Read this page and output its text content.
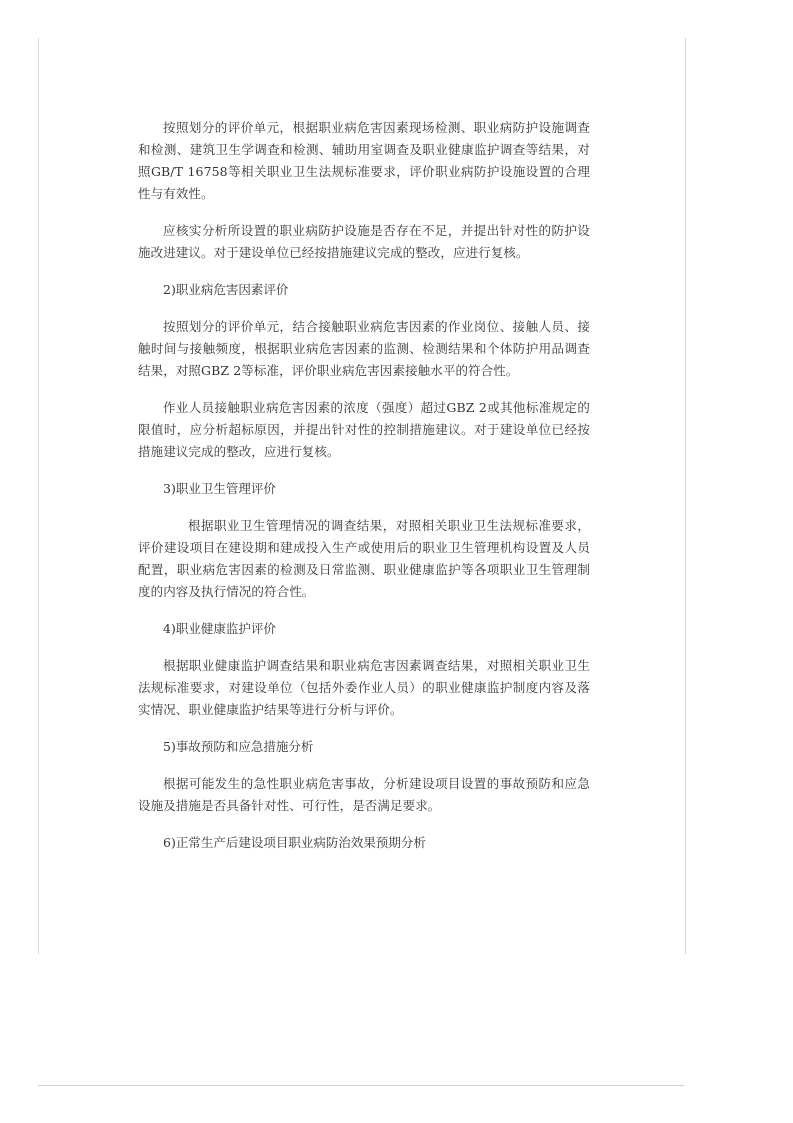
按照划分的评价单元，根据职业病危害因素现场检测、职业病防护设施调查和检测、建筑卫生学调查和检测、辅助用室调查及职业健康监护调查等结果，对照GB/T 16758等相关职业卫生法规标准要求，评价职业病防护设施设置的合理性与有效性。

应核实分析所设置的职业病防护设施是否存在不足，并提出针对性的防护设施改进建议。对于建设单位已经按措施建议完成的整改，应进行复核。

2)职业病危害因素评价

按照划分的评价单元，结合接触职业病危害因素的作业岗位、接触人员、接触时间与接触频度，根据职业病危害因素的监测、检测结果和个体防护用品调查结果，对照GBZ 2等标准，评价职业病危害因素接触水平的符合性。

作业人员接触职业病危害因素的浓度（强度）超过GBZ 2或其他标准规定的限值时，应分析超标原因，并提出针对性的控制措施建议。对于建设单位已经按措施建议完成的整改，应进行复核。

3)职业卫生管理评价

根据职业卫生管理情况的调查结果，对照相关职业卫生法规标准要求，评价建设项目在建设期和建成投入生产或使用后的职业卫生管理机构设置及人员配置，职业病危害因素的检测及日常监测、职业健康监护等各项职业卫生管理制度的内容及执行情况的符合性。

4)职业健康监护评价

根据职业健康监护调查结果和职业病危害因素调查结果，对照相关职业卫生法规标准要求，对建设单位（包括外委作业人员）的职业健康监护制度内容及落实情况、职业健康监护结果等进行分析与评价。

5)事故预防和应急措施分析

根据可能发生的急性职业病危害事故，分析建设项目设置的事故预防和应急设施及措施是否具备针对性、可行性，是否满足要求。

6)正常生产后建设项目职业病防治效果预期分析
